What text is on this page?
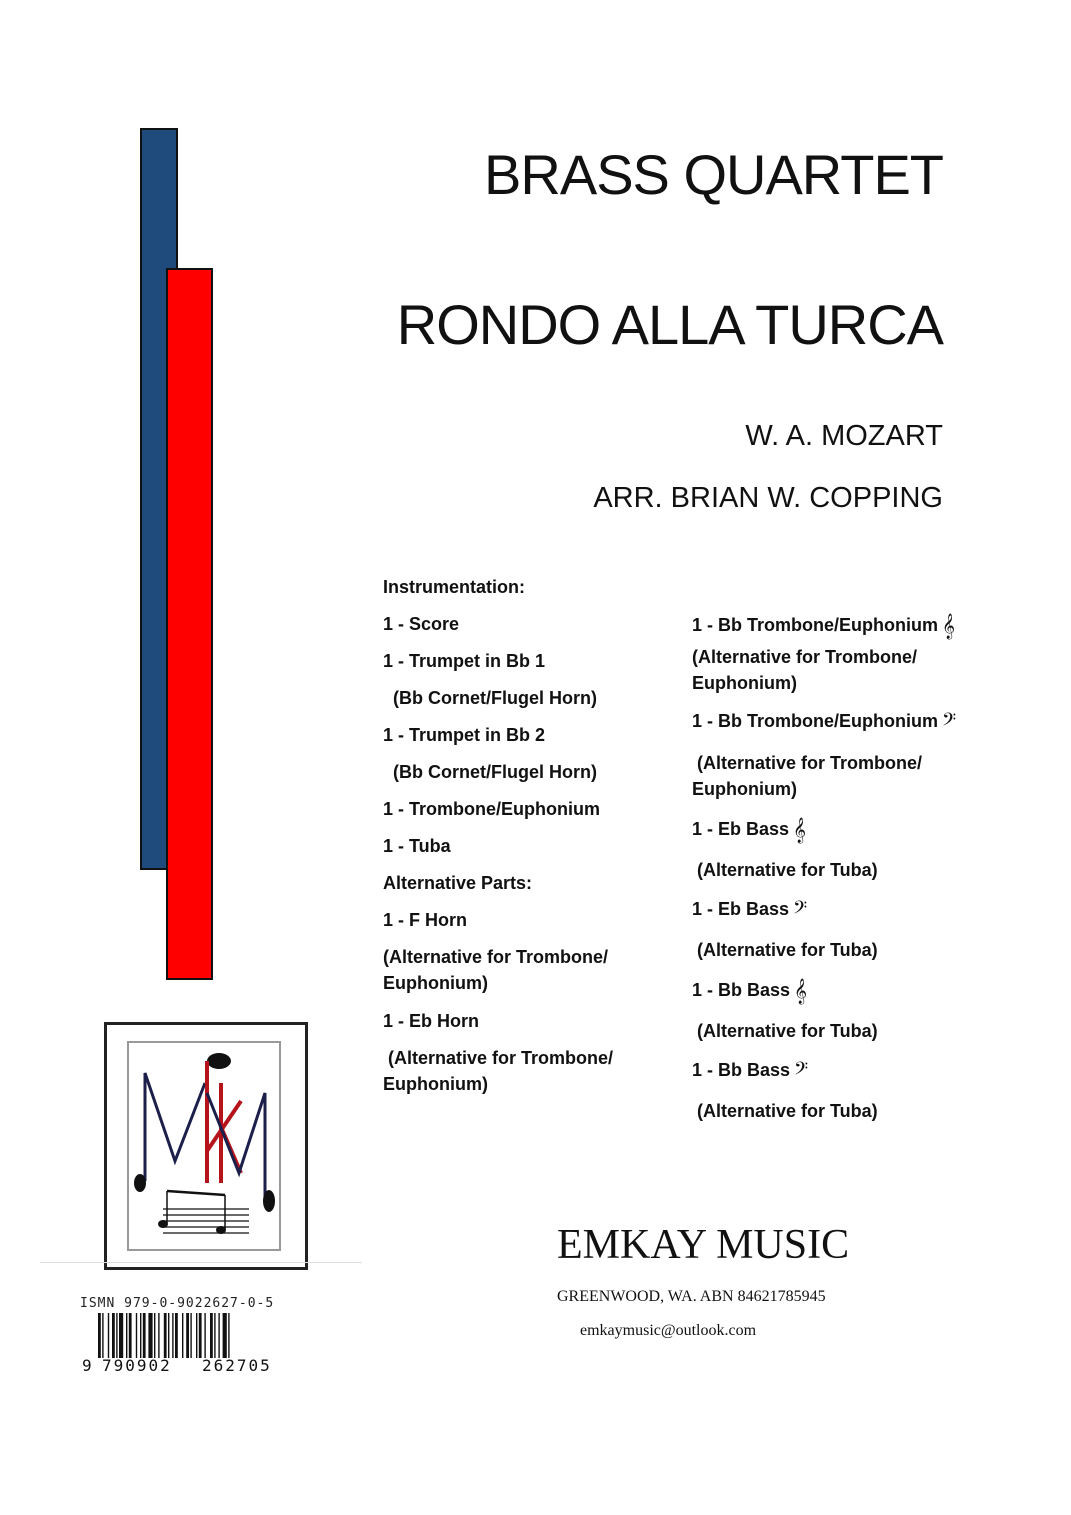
BRASS QUARTET
RONDO ALLA TURCA
W. A. MOZART
ARR. BRIAN W. COPPING
Instrumentation:
1 - Score
1 - Trumpet in Bb 1
(Bb Cornet/Flugel Horn)
1 - Trumpet in Bb 2
(Bb Cornet/Flugel Horn)
1 - Trombone/Euphonium
1 - Tuba
Alternative Parts:
1 - F Horn
(Alternative for Trombone/ Euphonium)
1 - Eb Horn
(Alternative for Trombone/ Euphonium)
1 - Bb Trombone/Euphonium 𝄞
(Alternative for Trombone/ Euphonium)
1 - Bb Trombone/Euphonium 𝄢
(Alternative for Trombone/ Euphonium)
1 - Eb Bass 𝄞
(Alternative for Tuba)
1 - Eb Bass 𝄢
(Alternative for Tuba)
1 - Bb Bass 𝄞
(Alternative for Tuba)
1 - Bb Bass 𝄢
(Alternative for Tuba)
ISMN 979-0-9022627-0-5
9 790902 262705
EMKAY MUSIC
GREENWOOD, WA. ABN 84621785945
emkaymusic@outlook.com
